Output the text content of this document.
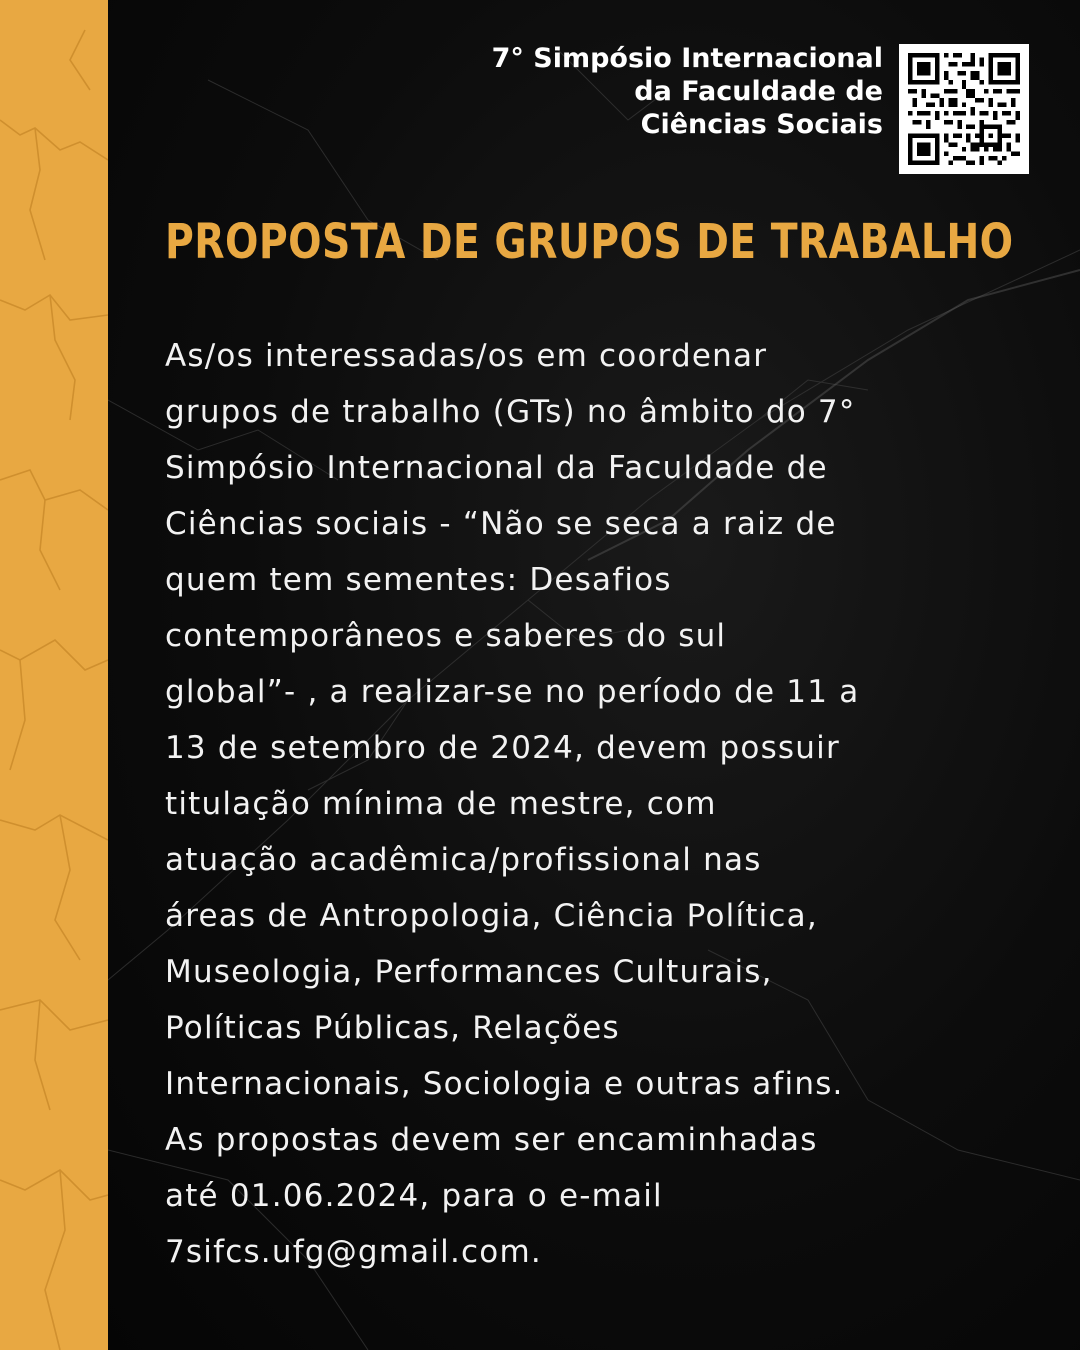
7° Simpósio Internacional
da Faculdade de
Ciências Sociais
PROPOSTA DE GRUPOS DE TRABALHO
As/os interessadas/os em coordenar
grupos de trabalho (GTs) no âmbito do 7°
Simpósio Internacional da Faculdade de
Ciências sociais - “Não se seca a raiz de
quem tem sementes: Desafios
contemporâneos e saberes do sul
global”- , a realizar-se no período de 11 a
13 de setembro de 2024, devem possuir
titulação mínima de mestre, com
atuação acadêmica/profissional nas
áreas de Antropologia, Ciência Política,
Museologia, Performances Culturais,
Políticas Públicas, Relações
Internacionais, Sociologia e outras afins.
As propostas devem ser encaminhadas
até 01.06.2024, para o e-mail
7sifcs.ufg@gmail.com.
